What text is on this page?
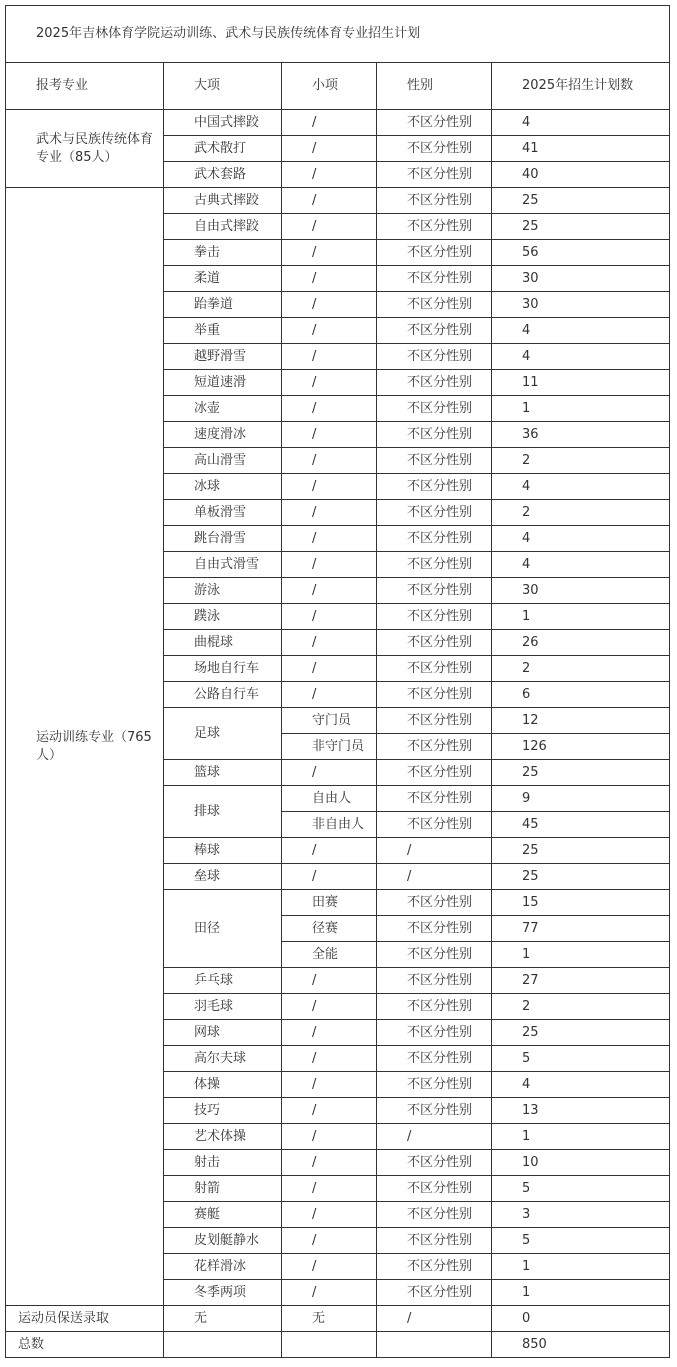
2025年吉林体育学院运动训练、武术与民族传统体育专业招生计划				
报考专业	大项	小项	性别	2025年招生计划数
武术与民族传统体育专业（85人）	中国式摔跤	/	不区分性别	4
	武术散打	/	不区分性别	41
	武术套路	/	不区分性别	40
运动训练专业（765人）	古典式摔跤	/	不区分性别	25
	自由式摔跤	/	不区分性别	25
	拳击	/	不区分性别	56
	柔道	/	不区分性别	30
	跆拳道	/	不区分性别	30
	举重	/	不区分性别	4
	越野滑雪	/	不区分性别	4
	短道速滑	/	不区分性别	11
	冰壶	/	不区分性别	1
	速度滑冰	/	不区分性别	36
	高山滑雪	/	不区分性别	2
	冰球	/	不区分性别	4
	单板滑雪	/	不区分性别	2
	跳台滑雪	/	不区分性别	4
	自由式滑雪	/	不区分性别	4
	游泳	/	不区分性别	30
	蹼泳	/	不区分性别	1
	曲棍球	/	不区分性别	26
	场地自行车	/	不区分性别	2
	公路自行车	/	不区分性别	6
	足球	守门员	不区分性别	12
		非守门员	不区分性别	126
	篮球	/	不区分性别	25
	排球	自由人	不区分性别	9
		非自由人	不区分性别	45
	棒球	/	/	25
	垒球	/	/	25
	田径	田赛	不区分性别	15
		径赛	不区分性别	77
		全能	不区分性别	1
	乒乓球	/	不区分性别	27
	羽毛球	/	不区分性别	2
	网球	/	不区分性别	25
	高尔夫球	/	不区分性别	5
	体操	/	不区分性别	4
	技巧	/	不区分性别	13
	艺术体操	/	/	1
	射击	/	不区分性别	10
	射箭	/	不区分性别	5
	赛艇	/	不区分性别	3
	皮划艇静水	/	不区分性别	5
	花样滑冰	/	不区分性别	1
	冬季两项	/	不区分性别	1
运动员保送录取	无	无	/	0
总数				850
